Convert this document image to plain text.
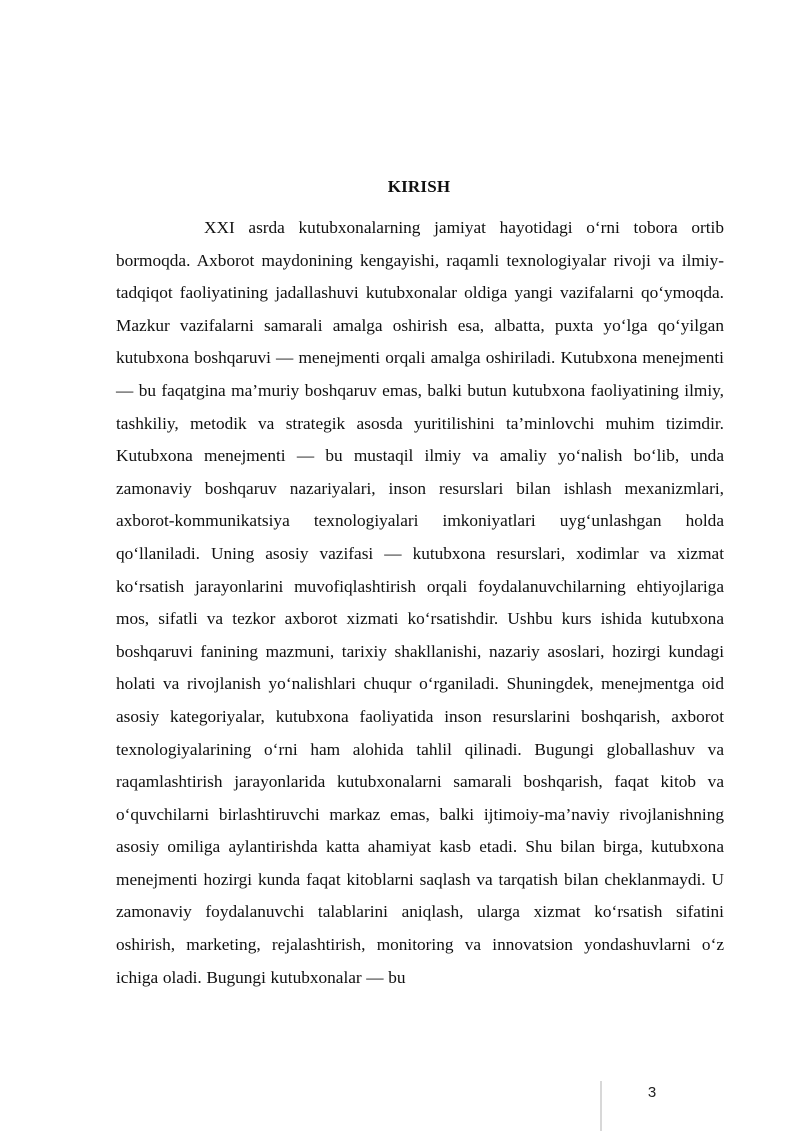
KIRISH

XXI asrda kutubxonalarning jamiyat hayotidagi o‘rni tobora ortib bormoqda. Axborot maydonining kengayishi, raqamli texnologiyalar rivoji va ilmiy-tadqiqot faoliyatining jadallashuvi kutubxonalar oldiga yangi vazifalarni qo‘ymoqda. Mazkur vazifalarni samarali amalga oshirish esa, albatta, puxta yo‘lga qo‘yilgan kutubxona boshqaruvi — menejmenti orqali amalga oshiriladi. Kutubxona menejmenti — bu faqatgina ma’muriy boshqaruv emas, balki butun kutubxona faoliyatining ilmiy, tashkiliy, metodik va strategik asosda yuritilishini ta’minlovchi muhim tizimdir. Kutubxona menejmenti — bu mustaqil ilmiy va amaliy yo‘nalish bo‘lib, unda zamonaviy boshqaruv nazariyalari, inson resurslari bilan ishlash mexanizmlari, axborot-kommunikatsiya texnologiyalari imkoniyatlari uyg‘unlashgan holda qo‘llaniladi. Uning asosiy vazifasi — kutubxona resurslari, xodimlar va xizmat ko‘rsatish jarayonlarini muvofiqlashtirish orqali foydalanuvchilarning ehtiyojlariga mos, sifatli va tezkor axborot xizmati ko‘rsatishdir. Ushbu kurs ishida kutubxona boshqaruvi fanining mazmuni, tarixiy shakllanishi, nazariy asoslari, hozirgi kundagi holati va rivojlanish yo‘nalishlari chuqur o‘rganiladi. Shuningdek, menejmentga oid asosiy kategoriyalar, kutubxona faoliyatida inson resurslarini boshqarish, axborot texnologiyalarining o‘rni ham alohida tahlil qilinadi. Bugungi globallashuv va raqamlashtirish jarayonlarida kutubxonalarni samarali boshqarish, faqat kitob va o‘quvchilarni birlashtiruvchi markaz emas, balki ijtimoiy-ma’naviy rivojlanishning asosiy omiliga aylantirishda katta ahamiyat kasb etadi. Shu bilan birga, kutubxona menejmenti hozirgi kunda faqat kitoblarni saqlash va tarqatish bilan cheklanmaydi. U zamonaviy foydalanuvchi talablarini aniqlash, ularga xizmat ko‘rsatish sifatini oshirish, marketing, rejalashtirish, monitoring va innovatsion yondashuvlarni o‘z ichiga oladi. Bugungi kutubxonalar — bu

3
